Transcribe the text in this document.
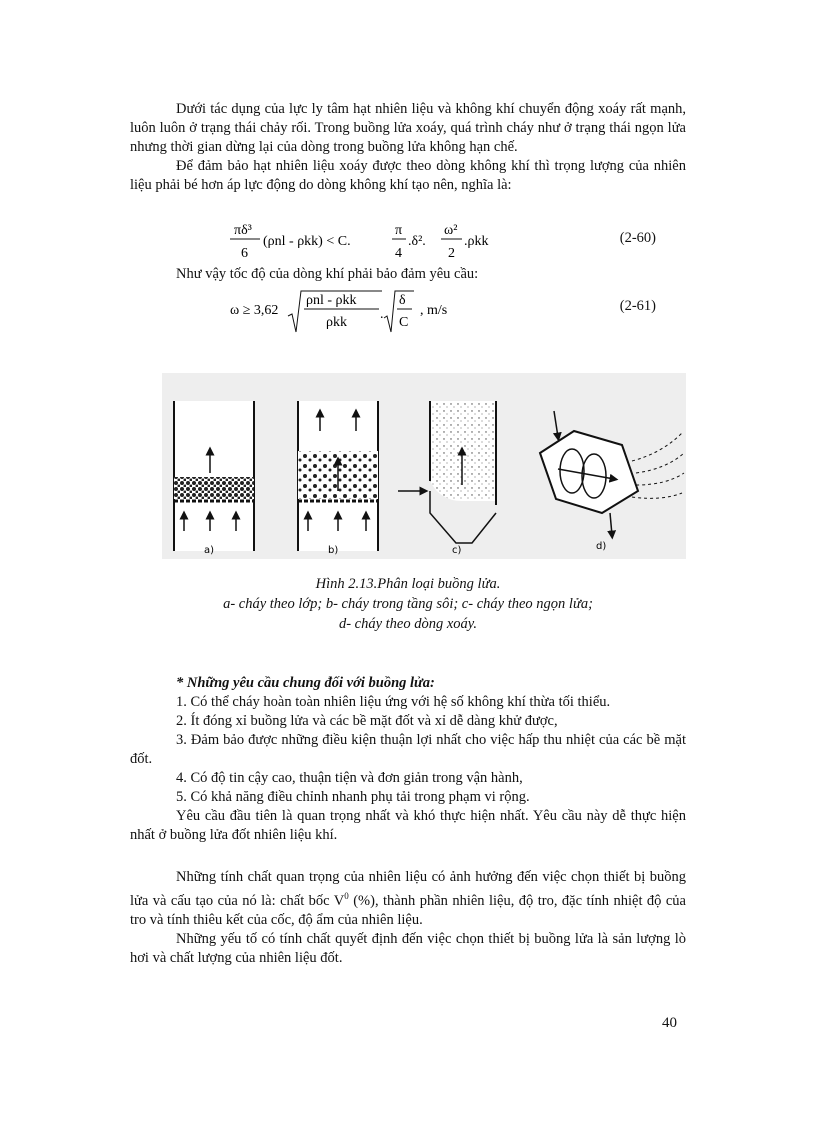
Dưới tác dụng của lực ly tâm hạt nhiên liệu và không khí chuyển động xoáy rất mạnh, luôn luôn ở trạng thái chảy rối. Trong buồng lửa xoáy, quá trình cháy như ở trạng thái ngọn lửa nhưng thời gian dừng lại của dòng trong buồng lửa không hạn chế.

Để đảm bảo hạt nhiên liệu xoáy được theo dòng không khí thì trọng lượng của nhiên liệu phải bé hơn áp lực động do dòng không khí tạo nên, nghĩa là:

πδ³
6
(ρnl - ρkk) < C.
π
4
.δ².
ω²
2
.ρkk	(2-60)

Như vậy tốc độ của dòng khí phải bảo đảm yêu cầu:

ω ≥ 3,62
ρnl - ρkk
ρkk
.
δ
C
, m/s	(2-61)
a)	b)	c)	d)
Hình 2.13.Phân loại buồng lửa.
a- cháy theo lớp; b- cháy trong tầng sôi; c- cháy theo ngọn lửa;
d- cháy theo dòng xoáy.

* Những yêu cầu chung đối với buồng lửa:

1. Có thể cháy hoàn toàn nhiên liệu ứng với hệ số không khí thừa tối thiểu.

2. Ít đóng xỉ buồng lửa và các bề mặt đốt và xỉ dễ dàng khử được,

3. Đảm bảo được những điều kiện thuận lợi nhất cho việc hấp thu nhiệt của các bề mặt đốt.

4. Có độ tin cậy cao, thuận tiện và đơn giản trong vận hành,

5. Có khả năng điều chỉnh nhanh phụ tải trong phạm vi rộng.

Yêu cầu đầu tiên là quan trọng nhất và khó thực hiện nhất. Yêu cầu này dễ thực hiện nhất ở buồng lửa đốt nhiên liệu khí.

Những tính chất quan trọng của nhiên liệu có ảnh hưởng đến việc chọn thiết bị buồng lửa và cấu tạo của nó là: chất bốc $V^0$ (%), thành phần nhiên liệu, độ tro, đặc tính nhiệt độ của tro và tính thiêu kết của cốc, độ ẩm của nhiên liệu.

Những yếu tố có tính chất quyết định đến việc chọn thiết bị buồng lửa là sản lượng lò hơi và chất lượng của nhiên liệu đốt.

40
